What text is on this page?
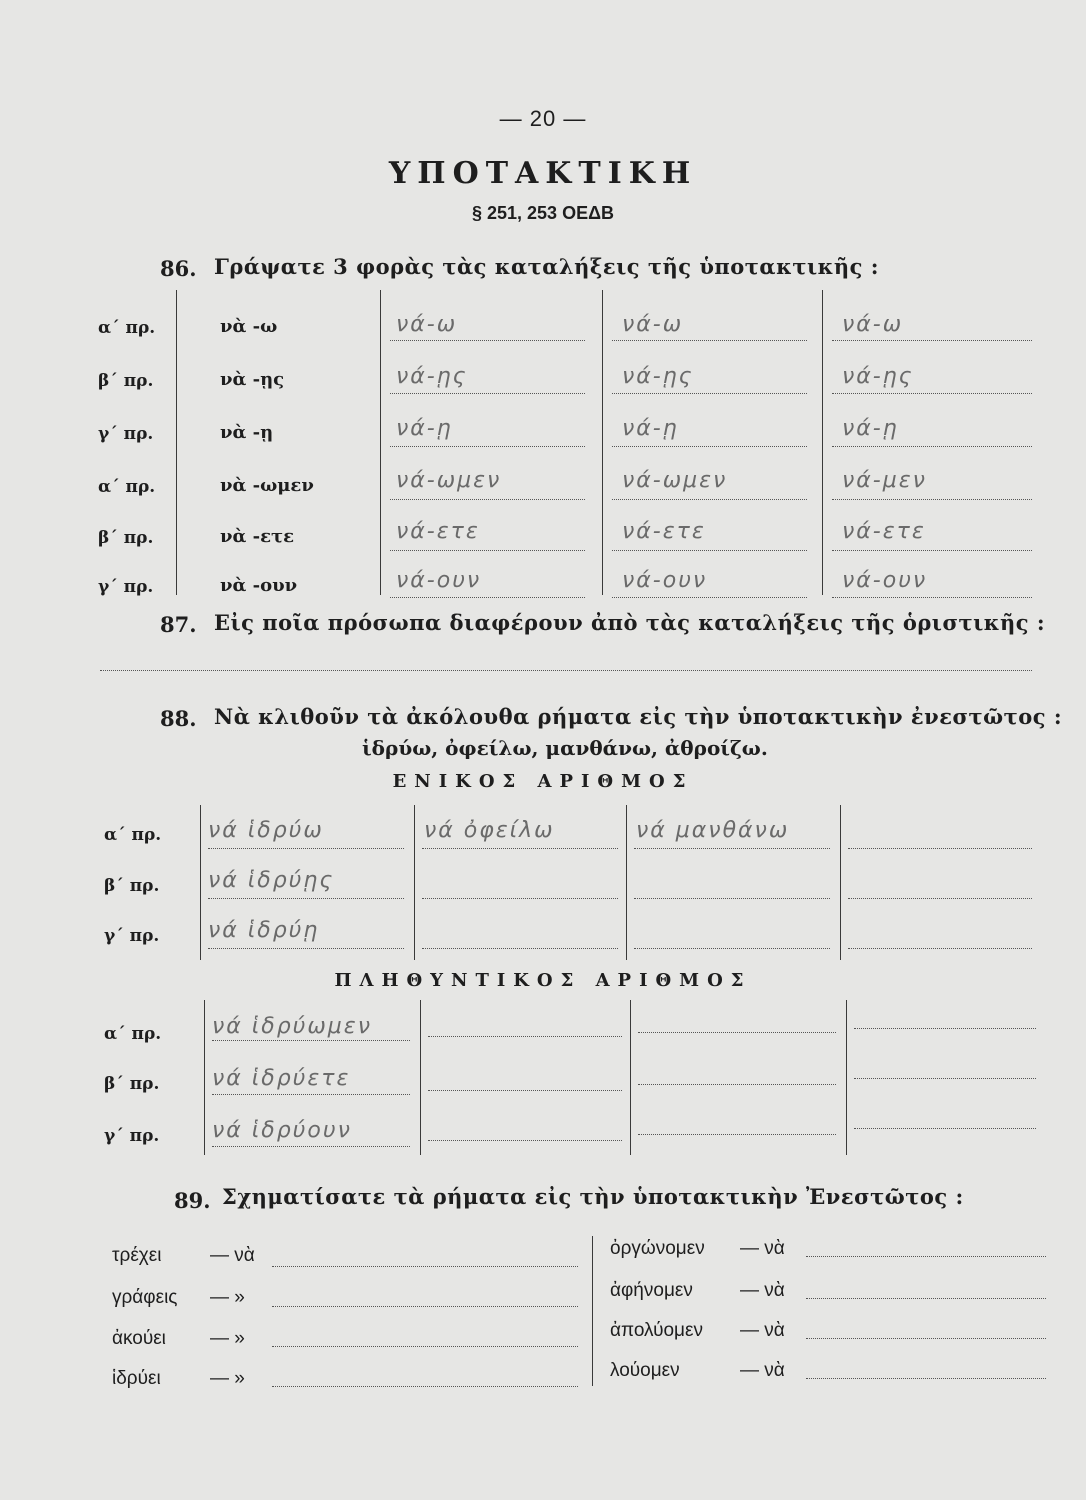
— 20 —
ΥΠΟΤΑΚΤΙΚΗ
§ 251, 253 ΟΕΔΒ
86. Γράψατε 3 φορὰς τὰς καταλήξεις τῆς ὑποτακτικῆς :
α΄ πρ.	νὰ -ω	νά-ω	νά-ω	νά-ω
β΄ πρ.	νὰ -ῃς	νά-ῃς	νά-ῃς	νά-ῃς
γ΄ πρ.	νὰ -ῃ	νά-ῃ	νά-ῃ	νά-ῃ
α΄ πρ.	νὰ -ωμεν	νά-ωμεν	νά-ωμεν	νά-μεν
β΄ πρ.	νὰ -ετε	νά-ετε	νά-ετε	νά-ετε
γ΄ πρ.	νὰ -ουν	νά-ουν	νά-ουν	νά-ουν
87. Εἰς ποῖα πρόσωπα διαφέρουν ἀπὸ τὰς καταλήξεις τῆς ὁριστικῆς :
88. Νὰ κλιθοῦν τὰ ἀκόλουθα ρήματα εἰς τὴν ὑποτακτικὴν ἐνεστῶτος :
ἱδρύω, ὀφείλω, μανθάνω, ἀθροίζω.
ΕΝΙΚΟΣ ΑΡΙΘΜΟΣ
α΄ πρ. νά ἱδρύω	νά ὀφείλω	νά μανθάνω
β΄ πρ. νά ἱδρύῃς
γ΄ πρ. νά ἱδρύῃ
ΠΛΗΘΥΝΤΙΚΟΣ ΑΡΙΘΜΟΣ
α΄ πρ. νά ἱδρύωμεν
β΄ πρ. νά ἱδρύετε
γ΄ πρ. νά ἱδρύουν
89. Σχηματίσατε τὰ ρήματα εἰς τὴν ὑποτακτικὴν Ἐνεστῶτος :
τρέχει	— νὰ
γράφεις — »
ἀκούει — »
ἱδρύει	— »
ὀργώνομεν — νὰ
ἀφήνομεν — νὰ
ἀπολύομεν — νὰ
λούομεν	— νὰ
